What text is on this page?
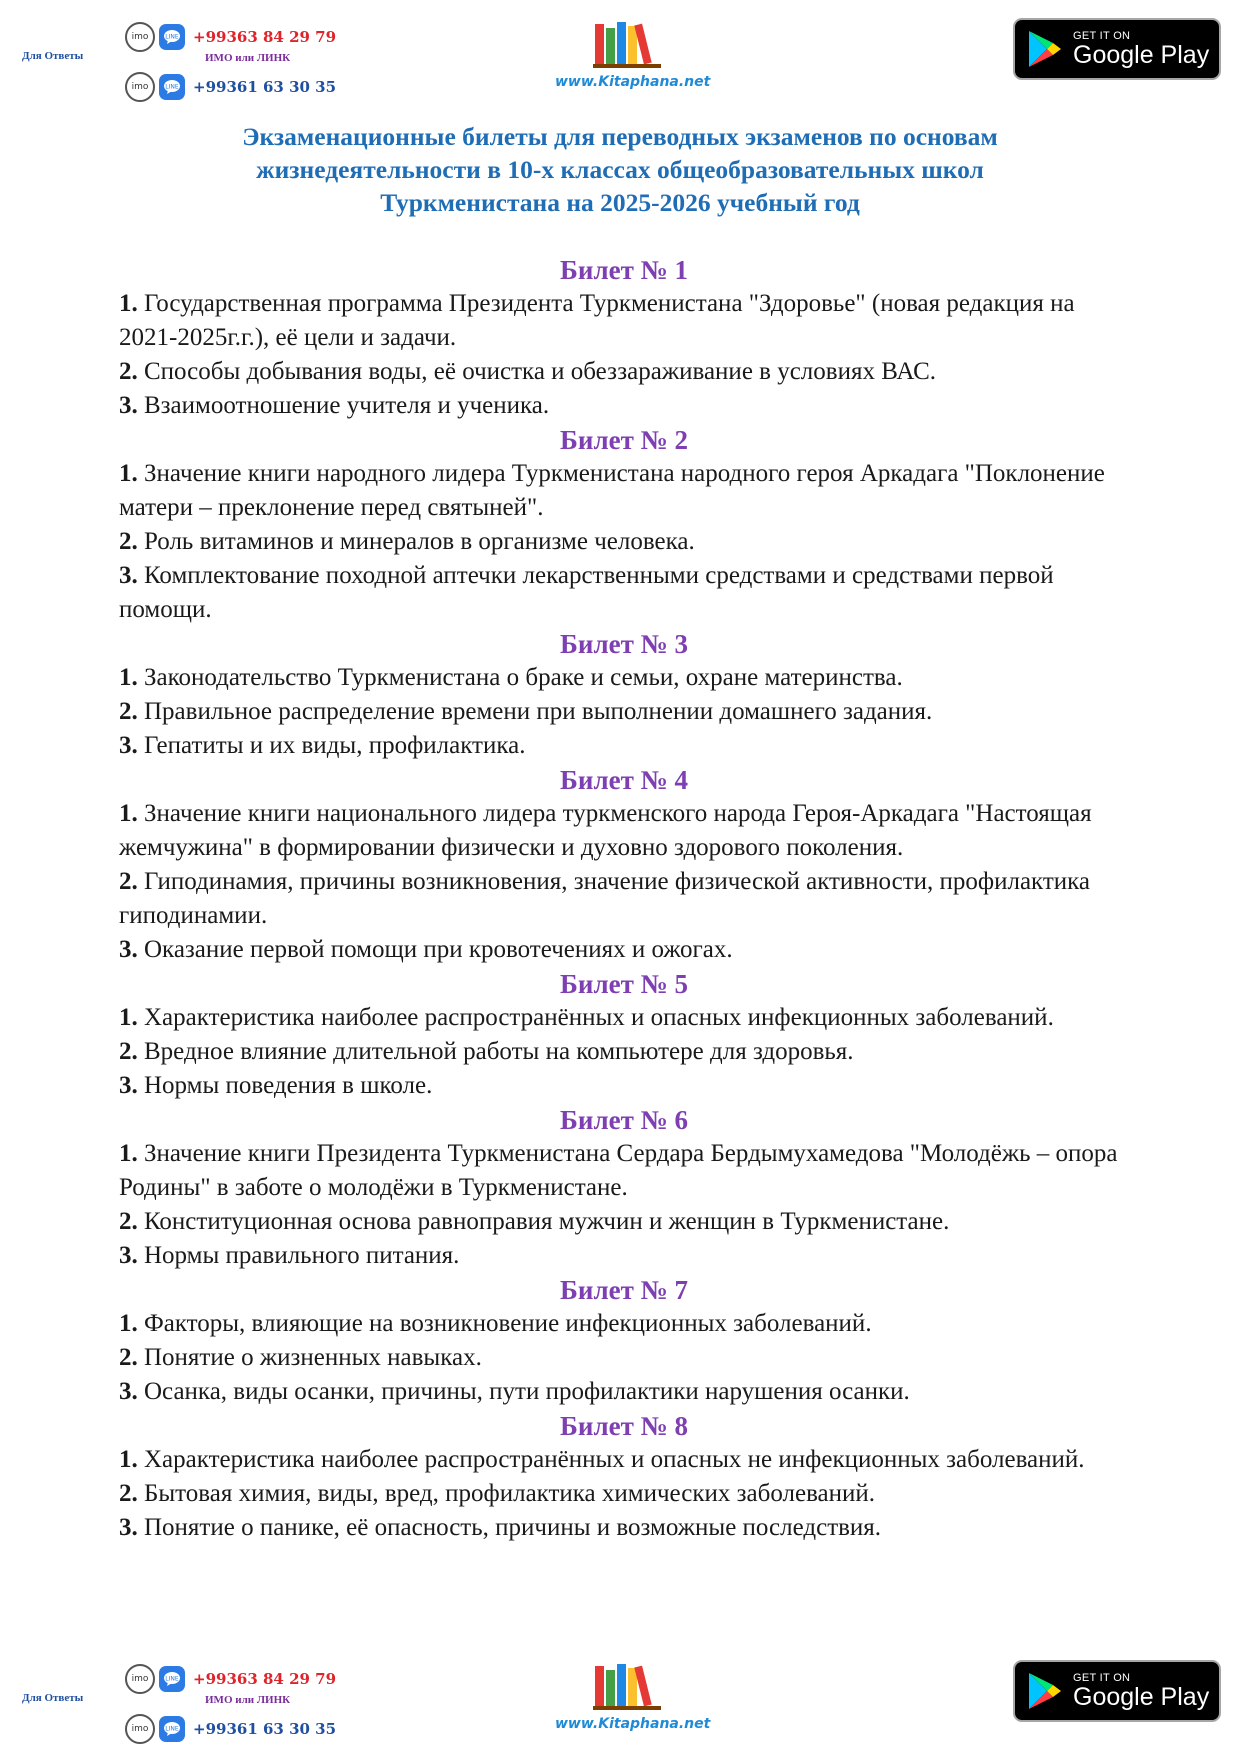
Для Ответы
imo	LINE +99363 84 29 79
ИМО или ЛИНК
imo	LINE +99361 63 30 35	www.Kitaphana.net
GET IT ON
Google Play
Экзаменационные билеты для переводных экзаменов по основам
жизнедеятельности в 10-х классах общеобразовательных школ
Туркменистана на 2025-2026 учебный год
Билет № 1
1. Государственная программа Президента Туркменистана "Здоровье" (новая редакция на 2021-2025г.г.), её цели и задачи.
2. Способы добывания воды, её очистка и обеззараживание в условиях ВАС.
3. Взаимоотношение учителя и ученика.
Билет № 2
1. Значение книги народного лидера Туркменистана народного героя Аркадага "Поклонение матери – преклонение перед святыней".
2. Роль витаминов и минералов в организме человека.
3. Комплектование походной аптечки лекарственными средствами и средствами первой помощи.
Билет № 3
1. Законодательство Туркменистана о браке и семьи, охране материнства.
2. Правильное распределение времени при выполнении домашнего задания.
3. Гепатиты и их виды, профилактика.
Билет № 4
1. Значение книги национального лидера туркменского народа Героя-Аркадага "Настоящая жемчужина" в формировании физически и духовно здорового поколения.
2. Гиподинамия, причины возникновения, значение физической активности, профилактика гиподинамии.
3. Оказание первой помощи при кровотечениях и ожогах.
Билет № 5
1. Характеристика наиболее распространённых и опасных инфекционных заболеваний.
2. Вредное влияние длительной работы на компьютере для здоровья.
3. Нормы поведения в школе.
Билет № 6
1. Значение книги Президента Туркменистана Сердара Бердымухамедова "Молодёжь – опора Родины" в заботе о молодёжи в Туркменистане.
2. Конституционная основа равноправия мужчин и женщин в Туркменистане.
3. Нормы правильного питания.
Билет № 7
1. Факторы, влияющие на возникновение инфекционных заболеваний.
2. Понятие о жизненных навыках.
3. Осанка, виды осанки, причины, пути профилактики нарушения осанки.
Билет № 8
1. Характеристика наиболее распространённых и опасных не инфекционных заболеваний.
2. Бытовая химия, виды, вред, профилактика химических заболеваний.
3. Понятие о панике, её опасность, причины и возможные последствия.
Для Ответы
imo	LINE +99363 84 29 79
ИМО или ЛИНК
imo	LINE +99361 63 30 35	www.Kitaphana.net
GET IT ON
Google Play
